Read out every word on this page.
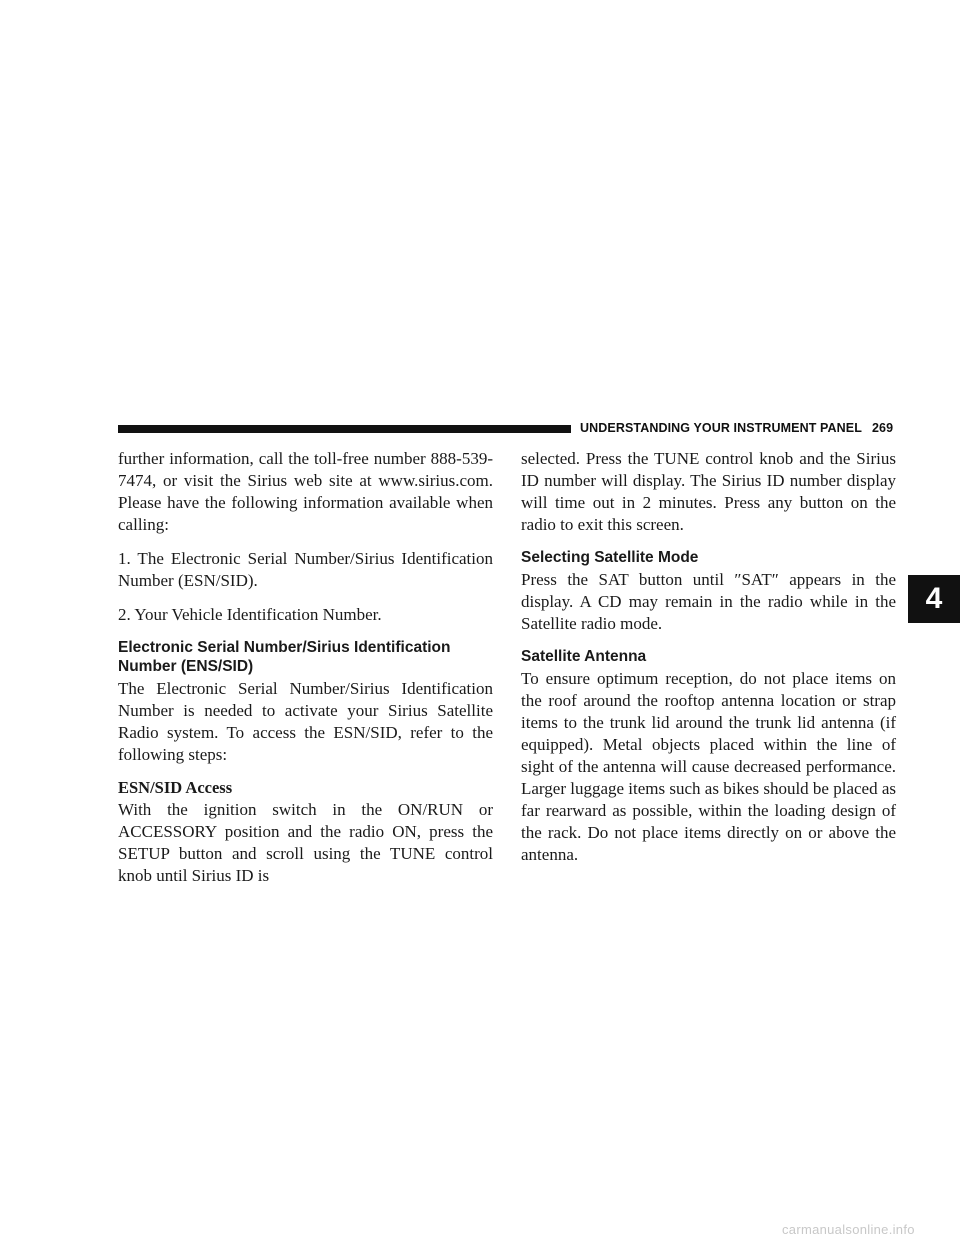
UNDERSTANDING YOUR INSTRUMENT PANEL 269
4

further information, call the toll-free number 888-539-7474, or visit the Sirius web site at www.sirius.com. Please have the following information available when calling:

1. The Electronic Serial Number/Sirius Identification Number (ESN/SID).

2. Your Vehicle Identification Number.

Electronic Serial Number/Sirius Identification Number (ENS/SID)

The Electronic Serial Number/Sirius Identification Number is needed to activate your Sirius Satellite Radio system. To access the ESN/SID, refer to the following steps:

ESN/SID Access

With the ignition switch in the ON/RUN or ACCESSORY position and the radio ON, press the SETUP button and scroll using the TUNE control knob until Sirius ID is

selected. Press the TUNE control knob and the Sirius ID number will display. The Sirius ID number display will time out in 2 minutes. Press any button on the radio to exit this screen.

Selecting Satellite Mode

Press the SAT button until ″SAT″ appears in the display. A CD may remain in the radio while in the Satellite radio mode.

Satellite Antenna

To ensure optimum reception, do not place items on the roof around the rooftop antenna location or strap items to the trunk lid around the trunk lid antenna (if equipped). Metal objects placed within the line of sight of the antenna will cause decreased performance. Larger luggage items such as bikes should be placed as far rearward as possible, within the loading design of the rack. Do not place items directly on or above the antenna.

carmanualsonline.info
